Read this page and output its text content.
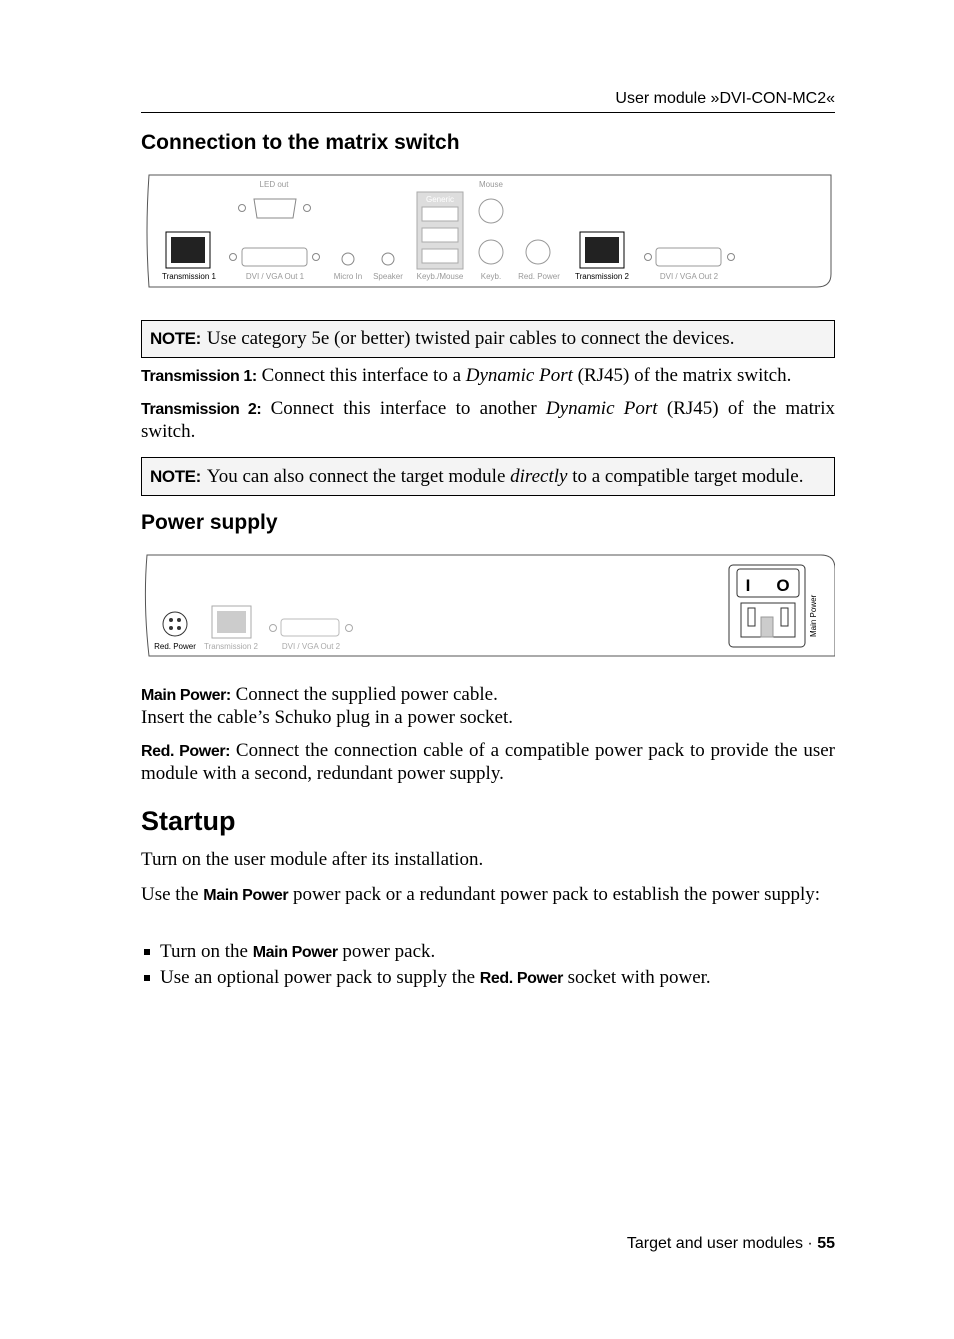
User module »DVI-CON-MC2«
Connection to the matrix switch
LED out
Generic
Mouse
Transmission 1	DVI / VGA Out 1	Micro In Speaker Keyb./Mouse Keyb. Red. Power Transmission 2	DVI / VGA Out 2
NOTE: Use category 5e (or better) twisted pair cables to connect the devices.

Transmission 1: Connect this interface to a Dynamic Port (RJ45) of the matrix switch.

Transmission 2: Connect this interface to another Dynamic Port (RJ45) of the matrix switch.

NOTE: You can also connect the target module directly to a compatible target module.
Power supply
Red. Power Transmission 2	DVI / VGA Out 2
I O
Main Power

Main Power: Connect the supplied power cable.
Insert the cable’s Schuko plug in a power socket.

Red. Power: Connect the connection cable of a compatible power pack to provide the user module with a second, redundant power supply.

Startup

Turn on the user module after its installation.

Use the Main Power power pack or a redundant power pack to establish the power supply:

Turn on the Main Power power pack.
Use an optional power pack to supply the Red. Power socket with power.
Target and user modules · 55
